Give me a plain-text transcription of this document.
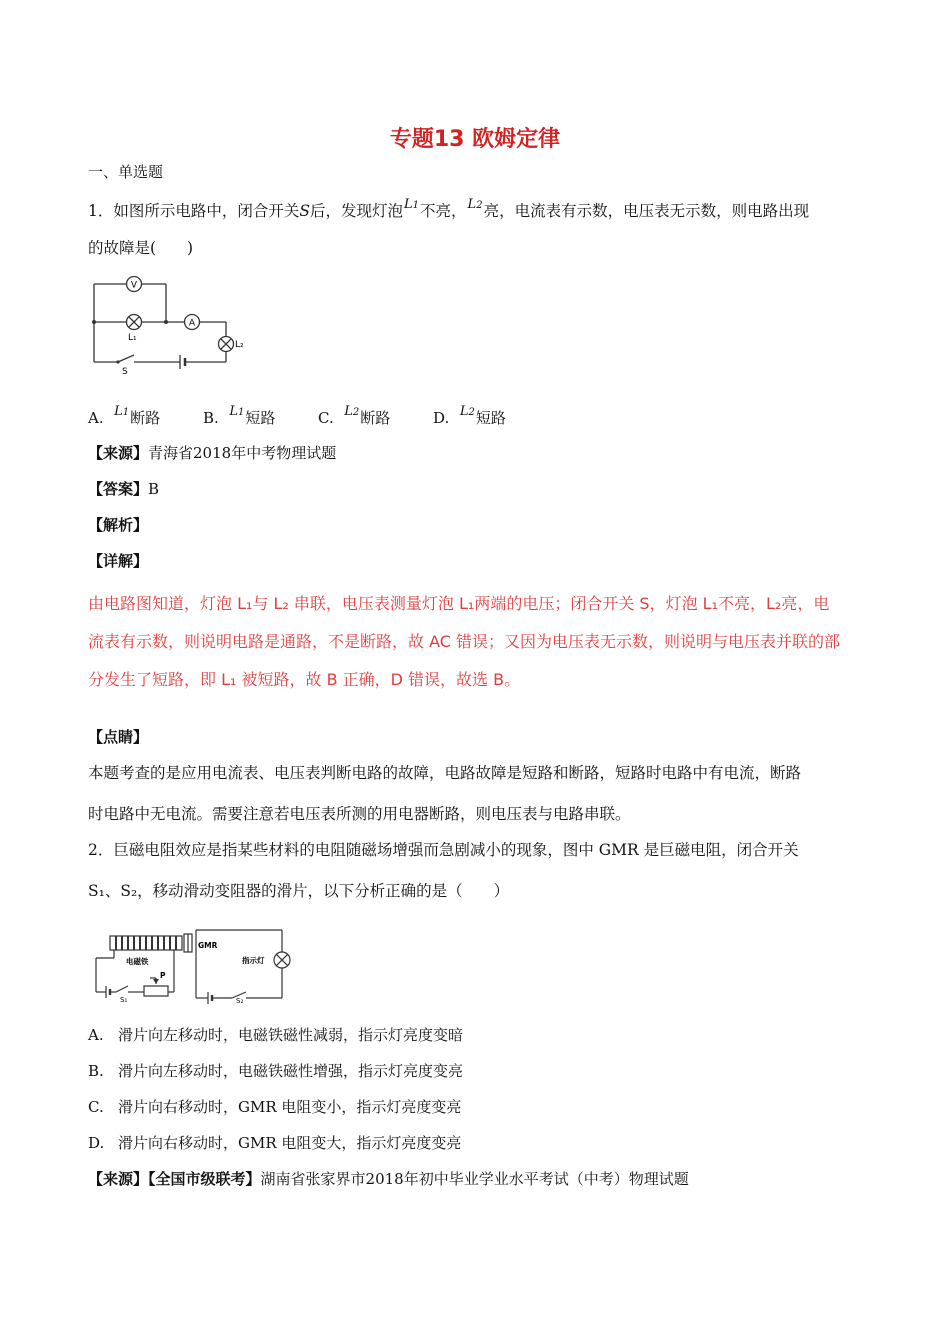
专题13 欧姆定律
一、单选题
1．如图所示电路中，闭合开关S后，发现灯泡$^{L1}$不亮，$^{L2}$亮，电流表有示数，电压表无示数，则电路出现
的故障是(　　)
V
A
L₁
L₂
S
A. L1断路	B. L1短路	C. L2断路	D. L2短路
【来源】青海省2018年中考物理试题
【答案】B
【解析】
【详解】
由电路图知道，灯泡 L₁与 L₂ 串联，电压表测量灯泡 L₁两端的电压；闭合开关 S，灯泡 L₁不亮，L₂亮，电
流表有示数，则说明电路是通路，不是断路，故 AC 错误；又因为电压表无示数，则说明与电压表并联的部
分发生了短路，即 L₁ 被短路，故 B 正确，D 错误，故选 B。
【点睛】
本题考查的是应用电流表、电压表判断电路的故障，电路故障是短路和断路，短路时电路中有电流，断路
时电路中无电流。需要注意若电压表所测的用电器断路，则电压表与电路串联。
2．巨磁电阻效应是指某些材料的电阻随磁场增强而急剧减小的现象，图中 GMR 是巨磁电阻，闭合开关
S₁、S₂，移动滑动变阻器的滑片，以下分析正确的是（　　）
电磁铁
GMR
指示灯
P
S₁	S₂
A. 滑片向左移动时，电磁铁磁性减弱，指示灯亮度变暗
B. 滑片向左移动时，电磁铁磁性增强，指示灯亮度变亮
C. 滑片向右移动时，GMR 电阻变小，指示灯亮度变亮
D. 滑片向右移动时，GMR 电阻变大，指示灯亮度变亮
【来源】【全国市级联考】湖南省张家界市2018年初中毕业学业水平考试（中考）物理试题
